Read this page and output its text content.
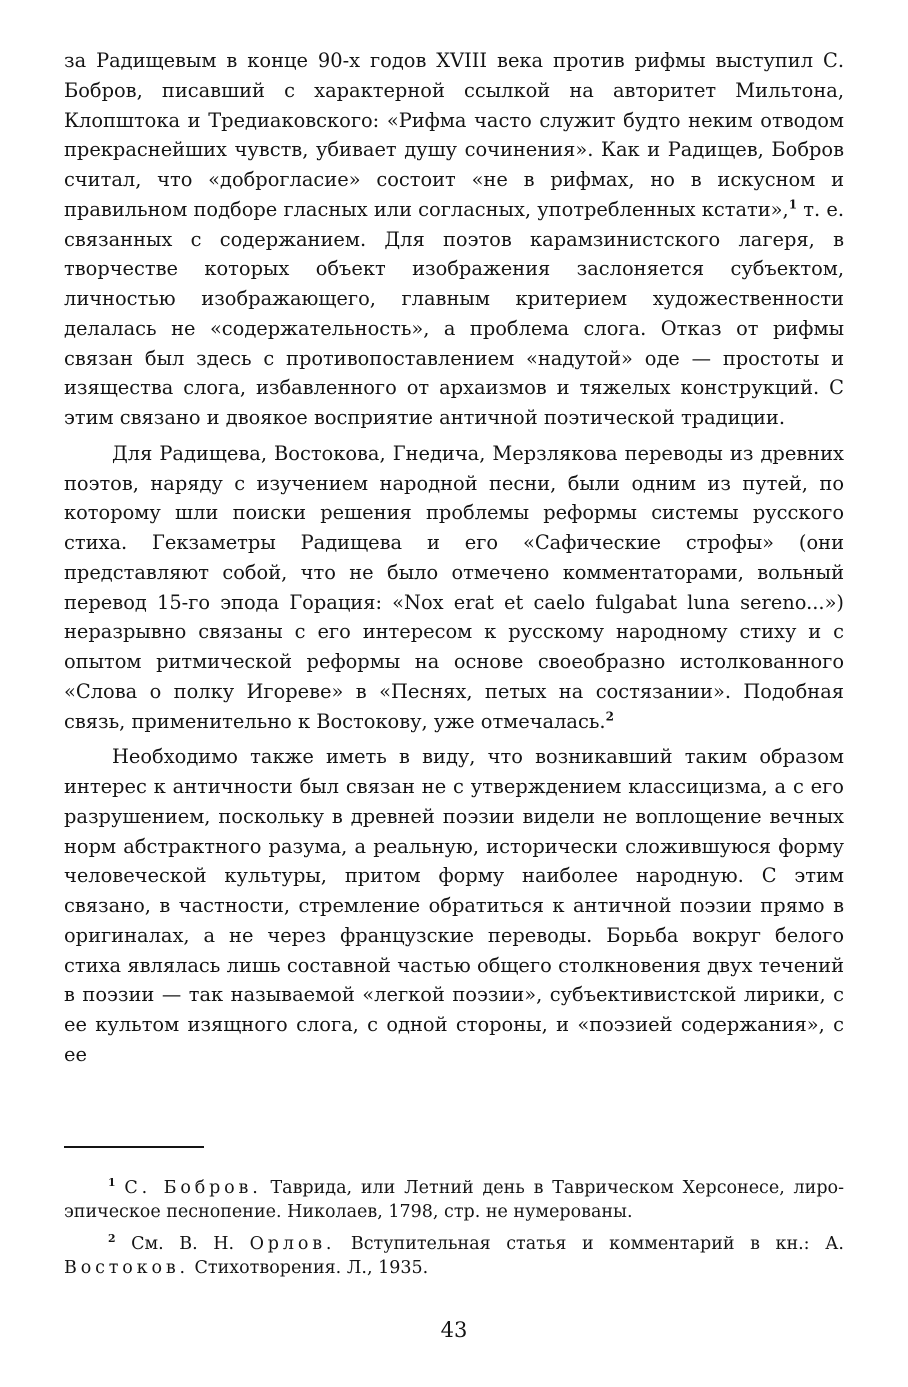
за Радищевым в конце 90-х годов XVIII века против рифмы выступил С. Бобров, писавший с характерной ссылкой на авторитет Мильтона, Клопштока и Тредиаковского: «Рифма часто служит будто неким отводом прекраснейших чувств, убивает душу сочинения». Как и Радищев, Бобров считал, что «доброгласие» состоит «не в рифмах, но в искусном и правильном подборе гласных или согласных, употребленных кстати»,$^1$ т. е. связанных с содержанием. Для поэтов карамзинистского лагеря, в творчестве которых объект изображения заслоняется субъектом, личностью изображающего, главным критерием художественности делалась не «содержательность», а проблема слога. Отказ от рифмы связан был здесь с противопоставлением «надутой» оде — простоты и изящества слога, избавленного от архаизмов и тяжелых конструкций. С этим связано и двоякое восприятие античной поэтической традиции.

Для Радищева, Востокова, Гнедича, Мерзлякова переводы из древних поэтов, наряду с изучением народной песни, были одним из путей, по которому шли поиски решения проблемы реформы системы русского стиха. Гекзаметры Радищева и его «Сафические строфы» (они представляют собой, что не было отмечено комментаторами, вольный перевод 15-го эпода Горация: «Nox erat et caelo fulgabat luna sereno...») неразрывно связаны с его интересом к русскому народному стиху и с опытом ритмической реформы на основе своеобразно истолкованного «Слова о полку Игореве» в «Песнях, петых на состязании». Подобная связь, применительно к Востокову, уже отмечалась.$^2$

Необходимо также иметь в виду, что возникавший таким образом интерес к античности был связан не с утверждением классицизма, а с его разрушением, поскольку в древней поэзии видели не воплощение вечных норм абстрактного разума, а реальную, исторически сложившуюся форму человеческой культуры, притом форму наиболее народную. С этим связано, в частности, стремление обратиться к античной поэзии прямо в оригиналах, а не через французские переводы. Борьба вокруг белого стиха являлась лишь составной частью общего столкновения двух течений в поэзии — так называемой «легкой поэзии», субъективистской лирики, с ее культом изящного слога, с одной стороны, и «поэзией содержания», с ее

$^1$ С. Бобров. Таврида, или Летний день в Таврическом Херсонесе, лиро-эпическое песнопение. Николаев, 1798, стр. не нумерованы.

$^2$ См. В. Н. Орлов. Вступительная статья и комментарий в кн.: А. Востоков. Стихотворения. Л., 1935.

43
